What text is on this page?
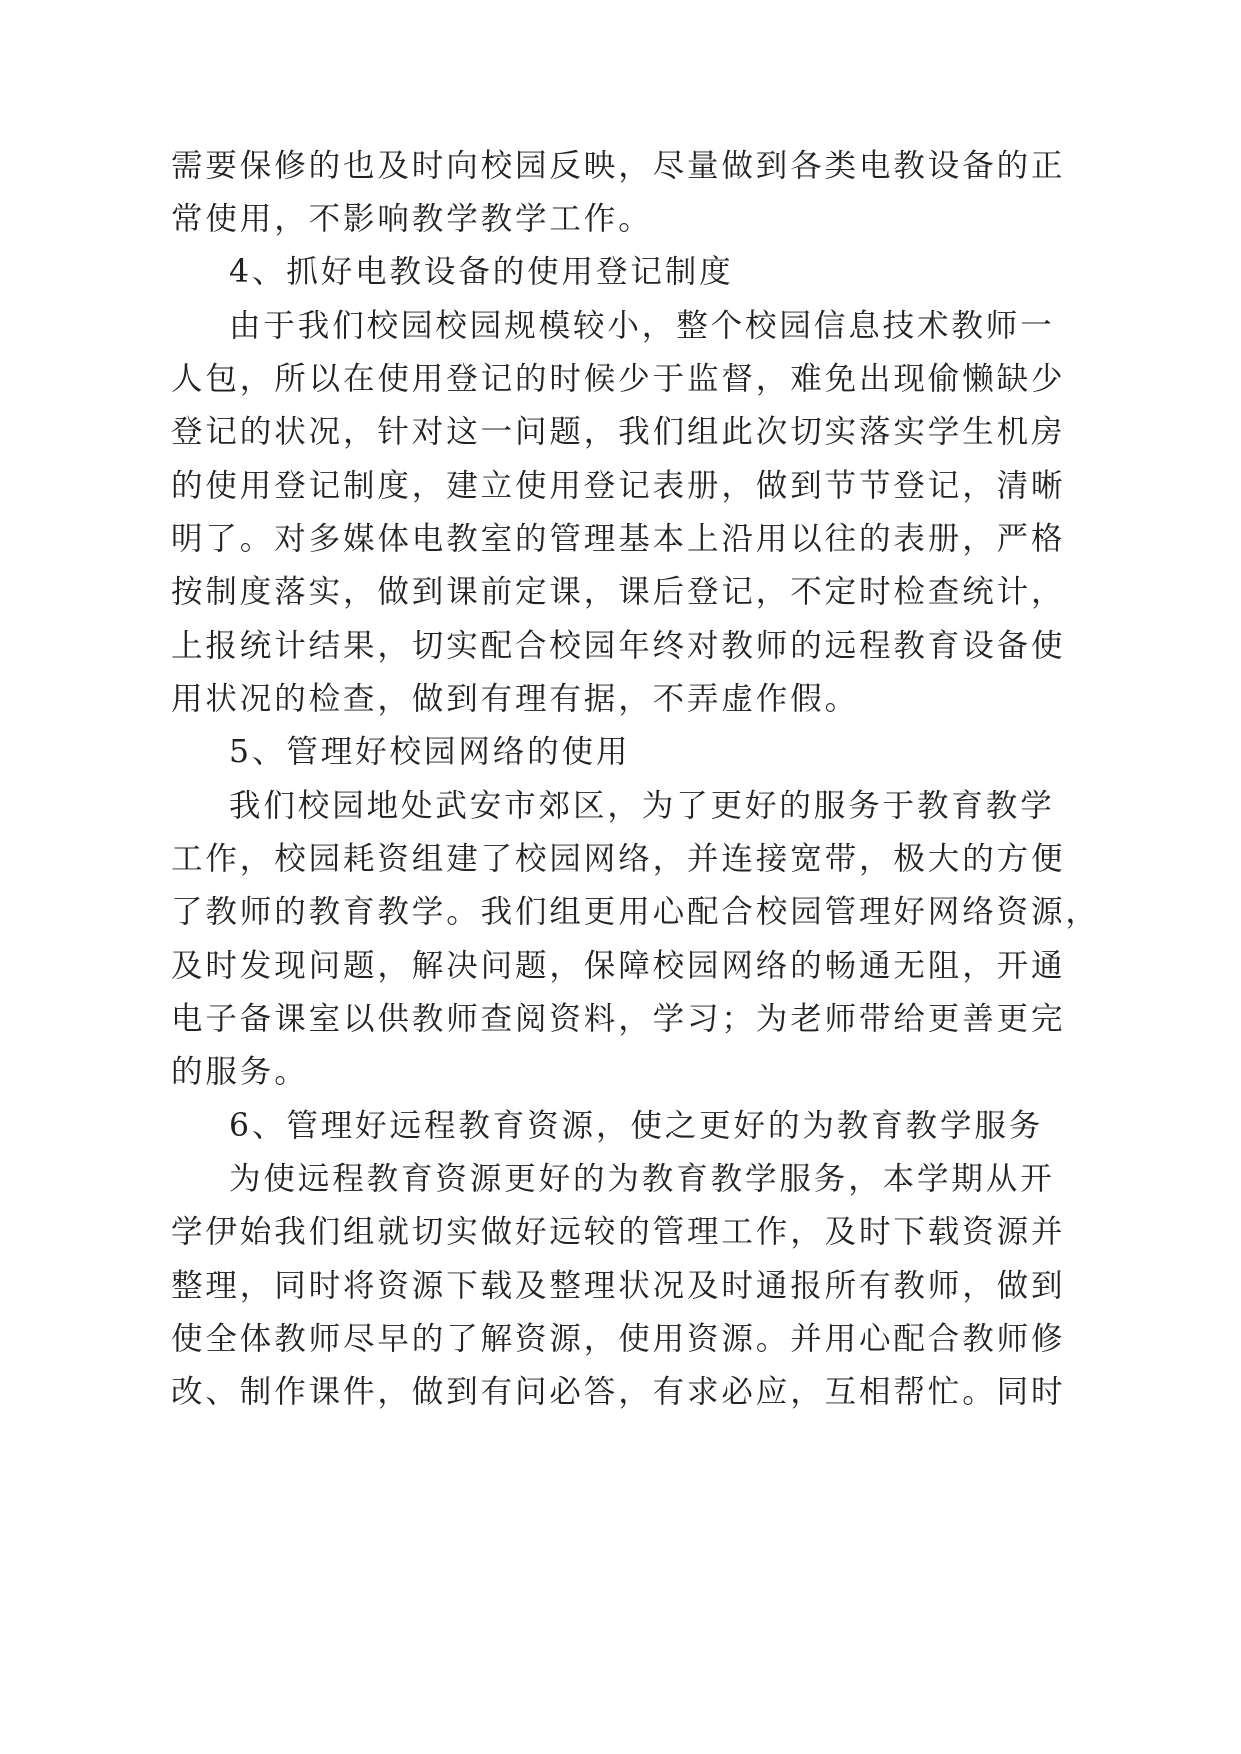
需要保修的也及时向校园反映，尽量做到各类电教设备的正
常使用，不影响教学教学工作。
4、抓好电教设备的使用登记制度
由于我们校园校园规模较小，整个校园信息技术教师一
人包，所以在使用登记的时候少于监督，难免出现偷懒缺少
登记的状况，针对这一问题，我们组此次切实落实学生机房
的使用登记制度，建立使用登记表册，做到节节登记，清晰
明了。对多媒体电教室的管理基本上沿用以往的表册，严格
按制度落实，做到课前定课，课后登记，不定时检查统计，
上报统计结果，切实配合校园年终对教师的远程教育设备使
用状况的检查，做到有理有据，不弄虚作假。
5、管理好校园网络的使用
我们校园地处武安市郊区，为了更好的服务于教育教学
工作，校园耗资组建了校园网络，并连接宽带，极大的方便
了教师的教育教学。我们组更用心配合校园管理好网络资源，
及时发现问题，解决问题，保障校园网络的畅通无阻，开通
电子备课室以供教师查阅资料，学习；为老师带给更善更完
的服务。
6、管理好远程教育资源，使之更好的为教育教学服务
为使远程教育资源更好的为教育教学服务，本学期从开
学伊始我们组就切实做好远较的管理工作，及时下载资源并
整理，同时将资源下载及整理状况及时通报所有教师，做到
使全体教师尽早的了解资源，使用资源。并用心配合教师修
改、制作课件，做到有问必答，有求必应，互相帮忙。同时
